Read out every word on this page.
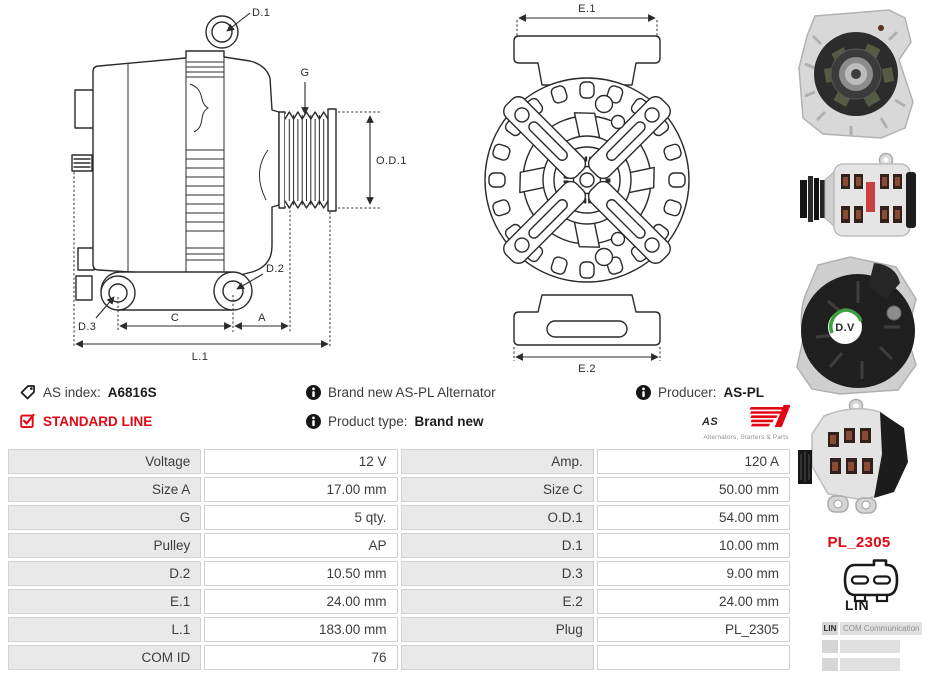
D.1
G
O.D.1
D.2
D.3
C	A
L.1
E.1
E.2
AS index: A6816S
STANDARD LINE
Brand new AS-PL Alternator
Product type: Brand new
Producer: AS-PL
AS
Alternators, Starters & Parts
Voltage	12 V	Amp.	120 A
Size A	17.00 mm	Size C	50.00 mm
G	5 qty.	O.D.1	54.00 mm
Pulley	AP	D.1	10.00 mm
D.2	10.50 mm	D.3	9.00 mm
E.1	24.00 mm	E.2	24.00 mm
L.1	183.00 mm	Plug	PL_2305
COM ID	76
D.V
PL_2305
LIN
LIN COM Communication
